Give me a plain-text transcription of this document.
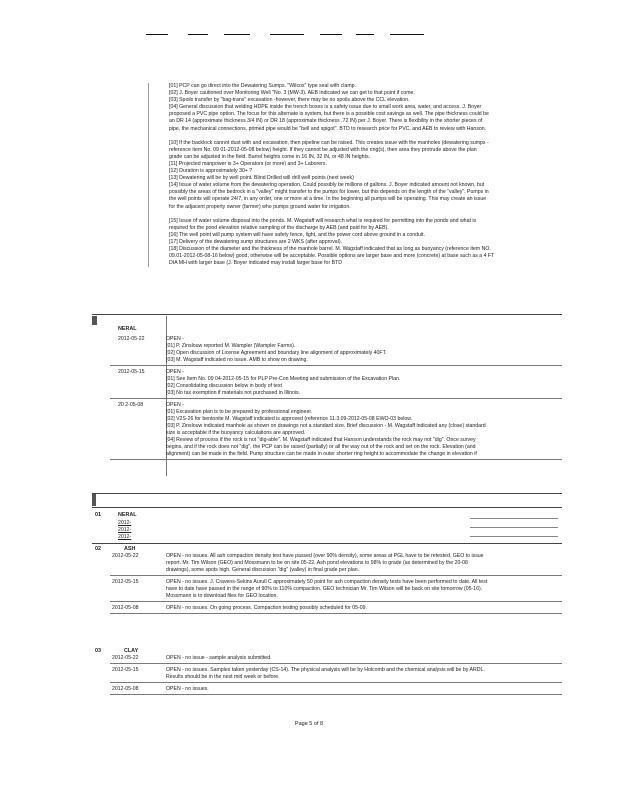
[01] PCP can go direct into the Dewatering Sumps. "Wilcox" type seal with clamp.
[02] J. Boyer cautioned over Monitoring Well "No. 3 (MW-3). AEB indicated we can get to that point if come.
[03] Spoils transfer by "bag-trans" excavation -however, there may be no spoils above the CCL elevation.
[04] General discussion that welding HDPE inside the trench boxes is a safety issue due to small work area, water, and access. J. Boyer
proposed a PVC pipe option. The focus for this alternate is system, but there is a possible cost savings as well. The pipe thickness could be
an DR 14 (approximate thickness 3/4 IN) or DR 18 (approximate thickness .72 IN) per J. Boyer. There is flexibility in the shorter pieces of
pipe, the mechanical connections, primed pipe would be "bell and spigot". BTD to research price for PVC, and AEB to review with Hanson.
[10] If the backlock cannot dust with and excavation, then pipeline can be raised. This creates issue with the manholes (dewatering sumps -
reference item No. 09 01-2012-05-08 below) height. If they cannot be adjusted with the ring(s), then area they protrude above the plan
grade can be adjusted in the field. Barrel heights come in 16 IN, 32 IN, or 48 IN heights.
[11] Projected manpower is 3+ Operators (or more) and 3+ Laborers.
[12] Duration is approximately 30+ ?
[13] Dewatering will be by well point. Blind Drilled will drill well points (next week)
[14] Issue of water volume from the dewatering operation. Could possibly be millions of gallons. J. Boyer indicated amount not known, but
possibly the areas of the bedrock in a "valley" might transfer to the pumps for lower, but this depends on the length of the "valley". Pumps in
the well points will operate 24/7, in any order, one or more at a time. In the beginning all pumps will be operating. This may create an issue
for the adjacent property owner (farmer) who pumps ground water for irrigation.
[15] Issue of water volume disposal into the ponds. M. Wagstaff will research what is required for permitting into the ponds and what is
required for the pond elevation relative sampling of the discharge by AEB (and paid for by AEB).
[16] The well point will pump system will have safety fence, light, and the power cord above ground in a conduit.
[17] Delivery of the dewatering sump structures are 2 WKS (after approval).
[18] Discussion of the diameter and the thickness of the manhole barrel. M. Wagstaff indicated that as long as buoyancy (reference item NO.
09.01-2012-05-08-16 below) good, otherwise will be acceptable. Possible options are larger base and more (concrete) at base such as a 4 FT
DIA MH with larger base (J. Boyer indicated may install larger base for BTD
NERAL
2012-05-22	OPEN -
[01] P. Zinslouw reported M. Wampler (Wampler Farms).
[02] Open discussion of License Agreement and boundary line alignment of approximately 40FT.
[03] M. Wagstaff indicated no issue. AMB to show on drawing.
2012-05-15	OPEN -
[01] See Item No. 09 04-2012-05-15 for PLP Pre-Con Meeting and submission of the Excavation Plan.
[02] Consolidating discussion below in body of text
[03] No tax exemption if materials not purchased in Illinois.
20 2-05-08	OPEN -
[01] Excavation plan is to be prepared by professional engineer.
[02] V2S-26 for bentonite M. Wagstaff indicated is approved (reference 11.3.09-2012-05-08 EWO-03 below.
[03] P. Zinslouw indicated manhole as shown on drawings not a standard size. Brief discussion - M. Wagstaff indicated any (close) standard
size is acceptable if the buoyancy calculations are approved.
[04] Review of process if the rock is not "dig-able". M. Wagstaff indicated that Hanson understands the rock may not "dig". Once survey
begins, and if the rock does not "dig", the PCP can be raised (partially) or all the way out of the rock and set on the rock. Elevation (and
alignment) can be made in the field. Pump structure can be made in outer shorter ring height to accommodate the change in elevation if
01	NERAL
2012-
2012-
2012-
02	ASH
2012-05-22	OPEN - no issues. All ash compaction density test have passed (over 90% density), some areas at PGL have to be retested. GEO to issue
report. Mr. Tim Wilson (GEO) and Mossmann to be on site 05-22. Ash pond elevations to 98% to grade (as determined by the 20-08
drawings), some spots high. General discussion "dig" (valley) in final grade per plan.
2012-05-15	OPEN - no issues. J. Cravens-Sekins Aurull C approximately 50 point for ash compaction density tests have been performed to date. All test
have to date have passed in the range of 90% to 110% compaction. GEO technician Mr. Tim Wilson will be back on site tomorrow (05-16).
Mossmann is to download files for GEO location.
2012-05-08	OPEN - no issues. On going process. Compaction testing possibly scheduled for 05-09.
03	CLAY
2012-05-22	OPEN - no issue - sample analysis submitted.
2012-05-15	OPEN - no issues. Samples taken yesterday (CS-14). The physical analysis will be by Holcomb and the chemical analysis will be by ARDL.
Results should be in the next mid week or before.
2012-05-08	OPEN - no issues.
Page 5 of 8
